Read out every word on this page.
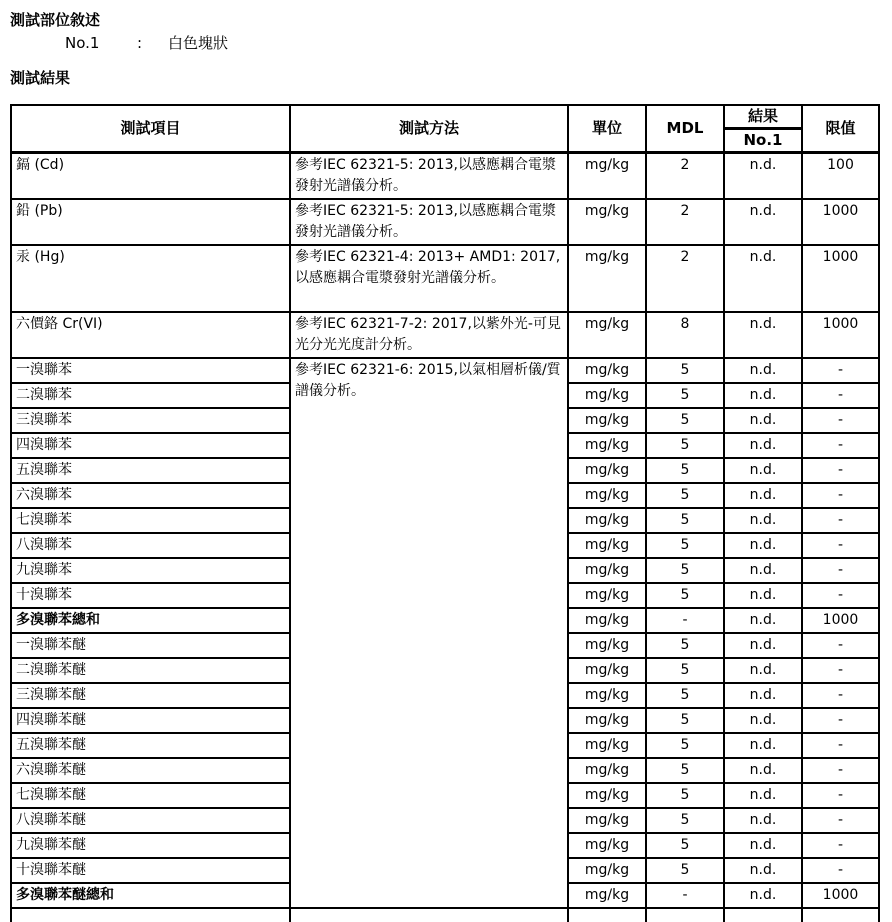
測試部位敘述
No.1	:	白色塊狀
測試結果
測試項目	測試方法	單位	MDL	結果	限值
				No.1	
鎘 (Cd)	參考IEC 62321-5: 2013,以感應耦合電漿發射光譜儀分析。	mg/kg	2	n.d.	100
鉛 (Pb)	參考IEC 62321-5: 2013,以感應耦合電漿發射光譜儀分析。	mg/kg	2	n.d.	1000
汞 (Hg)	參考IEC 62321-4: 2013+ AMD1: 2017,以感應耦合電漿發射光譜儀分析。	mg/kg	2	n.d.	1000
六價鉻 Cr(VI)	參考IEC 62321-7-2: 2017,以紫外光-可見光分光光度計分析。	mg/kg	8	n.d.	1000
一溴聯苯	參考IEC 62321-6: 2015,以氣相層析儀/質譜儀分析。	mg/kg	5	n.d.	-
二溴聯苯		mg/kg	5	n.d.	-
三溴聯苯		mg/kg	5	n.d.	-
四溴聯苯		mg/kg	5	n.d.	-
五溴聯苯		mg/kg	5	n.d.	-
六溴聯苯		mg/kg	5	n.d.	-
七溴聯苯		mg/kg	5	n.d.	-
八溴聯苯		mg/kg	5	n.d.	-
九溴聯苯		mg/kg	5	n.d.	-
十溴聯苯		mg/kg	5	n.d.	-
多溴聯苯總和		mg/kg	-	n.d.	1000
一溴聯苯醚		mg/kg	5	n.d.	-
二溴聯苯醚		mg/kg	5	n.d.	-
三溴聯苯醚		mg/kg	5	n.d.	-
四溴聯苯醚		mg/kg	5	n.d.	-
五溴聯苯醚		mg/kg	5	n.d.	-
六溴聯苯醚		mg/kg	5	n.d.	-
七溴聯苯醚		mg/kg	5	n.d.	-
八溴聯苯醚		mg/kg	5	n.d.	-
九溴聯苯醚		mg/kg	5	n.d.	-
十溴聯苯醚		mg/kg	5	n.d.	-
多溴聯苯醚總和		mg/kg	-	n.d.	1000
